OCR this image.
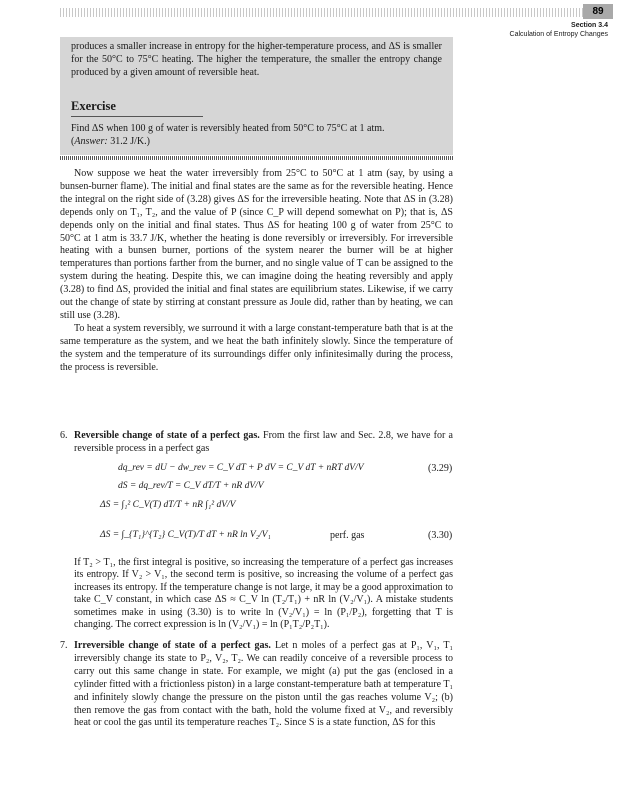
89
Section 3.4
Calculation of Entropy Changes

produces a smaller increase in entropy for the higher-temperature process, and ΔS is smaller for the 50°C to 75°C heating. The higher the temperature, the smaller the entropy change produced by a given amount of reversible heat.

Exercise

Find ΔS when 100 g of water is reversibly heated from 50°C to 75°C at 1 atm.
(Answer: 31.2 J/K.)

Now suppose we heat the water irreversibly from 25°C to 50°C at 1 atm (say, by using a bunsen-burner flame). The initial and final states are the same as for the reversible heating. Hence the integral on the right side of (3.28) gives ΔS for the irreversible heating. Note that ΔS in (3.28) depends only on T₁, T₂, and the value of P (since C_P will depend somewhat on P); that is, ΔS depends only on the initial and final states. Thus ΔS for heating 100 g of water from 25°C to 50°C at 1 atm is 33.7 J/K, whether the heating is done reversibly or irreversibly. For irreversible heating with a bunsen burner, portions of the system nearer the burner will be at higher temperatures than portions farther from the burner, and no single value of T can be assigned to the system during the heating. Despite this, we can imagine doing the heating reversibly and apply (3.28) to find ΔS, provided the initial and final states are equilibrium states. Likewise, if we carry out the change of state by stirring at constant pressure as Joule did, rather than by heating, we can still use (3.28).

To heat a system reversibly, we surround it with a large constant-temperature bath that is at the same temperature as the system, and we heat the bath infinitely slowly. Since the temperature of the system and the temperature of its surroundings differ only infinitesimally during the process, the process is reversible.

6. Reversible change of state of a perfect gas. From the first law and Sec. 2.8, we have for a reversible process in a perfect gas
dq_rev = dU − dw_rev = C_V dT + P dV = C_V dT + nRT dV/V	(3.29)
dS = dq_rev/T = C_V dT/T + nR dV/V
ΔS = ∫₁² C_V(T) dT/T + nR ∫₁² dV/V
ΔS = ∫_{T₁}^{T₂} C_V(T)/T dT + nR ln V₂/V₁	perf. gas	(3.30)
If T₂ > T₁, the first integral is positive, so increasing the temperature of a perfect gas increases its entropy. If V₂ > V₁, the second term is positive, so increasing the volume of a perfect gas increases its entropy. If the temperature change is not large, it may be a good approximation to take C_V constant, in which case ΔS ≈ C_V ln (T₂/T₁) + nR ln (V₂/V₁). A mistake students sometimes make in using (3.30) is to write ln (V₂/V₁) = ln (P₁/P₂), forgetting that T is changing. The correct expression is ln (V₂/V₁) = ln (P₁T₂/P₂T₁).
7. Irreversible change of state of a perfect gas. Let n moles of a perfect gas at P₁, V₁, T₁ irreversibly change its state to P₂, V₂, T₂. We can readily conceive of a reversible process to carry out this same change in state. For example, we might (a) put the gas (enclosed in a cylinder fitted with a frictionless piston) in a large constant-temperature bath at temperature T₁ and infinitely slowly change the pressure on the piston until the gas reaches volume V₂; (b) then remove the gas from contact with the bath, hold the volume fixed at V₂, and reversibly heat or cool the gas until its temperature reaches T₂. Since S is a state function, ΔS for this
